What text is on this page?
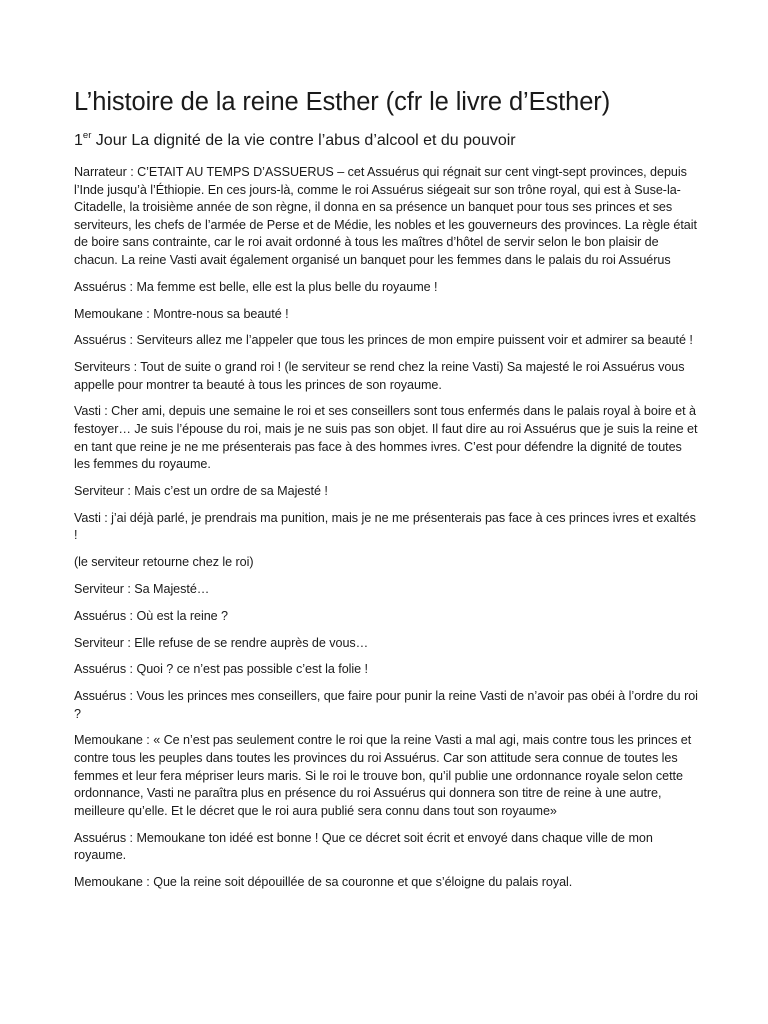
L’histoire de la reine Esther (cfr le livre d’Esther)
1er Jour La dignité de la vie contre l’abus d’alcool et du pouvoir

Narrateur : C’ETAIT AU TEMPS D’ASSUERUS – cet Assuérus qui régnait sur cent vingt-sept provinces, depuis l’Inde jusqu’à l’Éthiopie. En ces jours-là, comme le roi Assuérus siégeait sur son trône royal, qui est à Suse-la-Citadelle, la troisième année de son règne, il donna en sa présence un banquet pour tous ses princes et ses serviteurs, les chefs de l’armée de Perse et de Médie, les nobles et les gouverneurs des provinces. La règle était de boire sans contrainte, car le roi avait ordonné à tous les maîtres d’hôtel de servir selon le bon plaisir de chacun. La reine Vasti avait également organisé un banquet pour les femmes dans le palais du roi Assuérus

Assuérus : Ma femme est belle, elle est la plus belle du royaume !

Memoukane : Montre-nous sa beauté !

Assuérus : Serviteurs allez me l’appeler que tous les princes de mon empire puissent voir et admirer sa beauté !

Serviteurs : Tout de suite o grand roi ! (le serviteur se rend chez la reine Vasti) Sa majesté le roi Assuérus vous appelle pour montrer ta beauté à tous les princes de son royaume.

Vasti : Cher ami, depuis une semaine le roi et ses conseillers sont tous enfermés dans le palais royal à boire et à festoyer… Je suis l’épouse du roi, mais je ne suis pas son objet. Il faut dire au roi Assuérus que je suis la reine et en tant que reine je ne me présenterais pas face à des hommes ivres. C’est pour défendre la dignité de toutes les femmes du royaume.

Serviteur : Mais c’est un ordre de sa Majesté !

Vasti : j’ai déjà parlé, je prendrais ma punition, mais je ne me présenterais pas face à ces princes ivres et exaltés !

(le serviteur retourne chez le roi)

Serviteur : Sa Majesté…

Assuérus : Où est la reine ?

Serviteur : Elle refuse de se rendre auprès de vous…

Assuérus : Quoi ? ce n’est pas possible c’est la folie !

Assuérus : Vous les princes mes conseillers, que faire pour punir la reine Vasti de n’avoir pas obéi à l’ordre du roi ?

Memoukane : « Ce n’est pas seulement contre le roi que la reine Vasti a mal agi, mais contre tous les princes et contre tous les peuples dans toutes les provinces du roi Assuérus. Car son attitude sera connue de toutes les femmes et leur fera mépriser leurs maris. Si le roi le trouve bon, qu’il publie une ordonnance royale selon cette ordonnance, Vasti ne paraîtra plus en présence du roi Assuérus qui donnera son titre de reine à une autre, meilleure qu’elle. Et le décret que le roi aura publié sera connu dans tout son royaume»

Assuérus : Memoukane ton idéé est bonne ! Que ce décret soit écrit et envoyé dans chaque ville de mon royaume.

Memoukane : Que la reine soit dépouillée de sa couronne et que s’éloigne du palais royal.
